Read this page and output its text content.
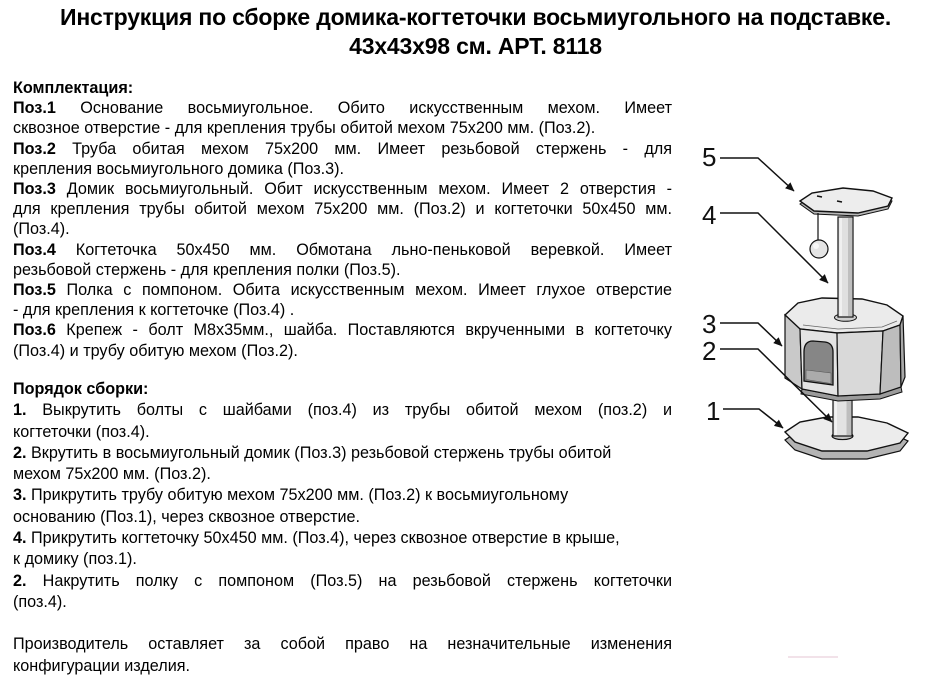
Инструкция по сборке домика-когтеточки восьмиугольного на подставке.
43х43х98 см. АРТ. 8118
Комплектация:
Поз.1 Основание восьмиугольное. Обито искусственным мехом. Имеет
сквозное отверстие - для крепления трубы обитой мехом 75х200 мм. (Поз.2).
Поз.2 Труба обитая мехом 75х200 мм. Имеет резьбовой стержень - для
крепления восьмиугольного домика (Поз.3).
Поз.3 Домик восьмиугольный. Обит искусственным мехом. Имеет 2 отверстия -
для крепления трубы обитой мехом 75х200 мм. (Поз.2) и когтеточки 50х450 мм.
(Поз.4).
Поз.4 Когтеточка 50х450 мм. Обмотана льно-пеньковой веревкой. Имеет
резьбовой стержень - для крепления полки (Поз.5).
Поз.5 Полка с помпоном. Обита искусственным мехом. Имеет глухое отверстие
- для крепления к когтеточке (Поз.4) .
Поз.6 Крепеж - болт М8х35мм., шайба. Поставляются вкрученными в когтеточку
(Поз.4) и трубу обитую мехом (Поз.2).
Порядок сборки:
1. Выкрутить болты с шайбами (поз.4) из трубы обитой мехом (поз.2) и
когтеточки (поз.4).
2. Вкрутить в восьмиугольный домик (Поз.3) резьбовой стержень трубы обитой
мехом 75х200 мм. (Поз.2).
3. Прикрутить трубу обитую мехом 75х200 мм. (Поз.2) к восьмиугольному
основанию (Поз.1), через сквозное отверстие.
4. Прикрутить когтеточку 50х450 мм. (Поз.4), через сквозное отверстие в крыше,
к домику (поз.1).
2. Накрутить полку с помпоном (Поз.5) на резьбовой стержень когтеточки
(поз.4).
Производитель оставляет за собой право на незначительные изменения
конфигурации изделия.
5
4
3
2
1
